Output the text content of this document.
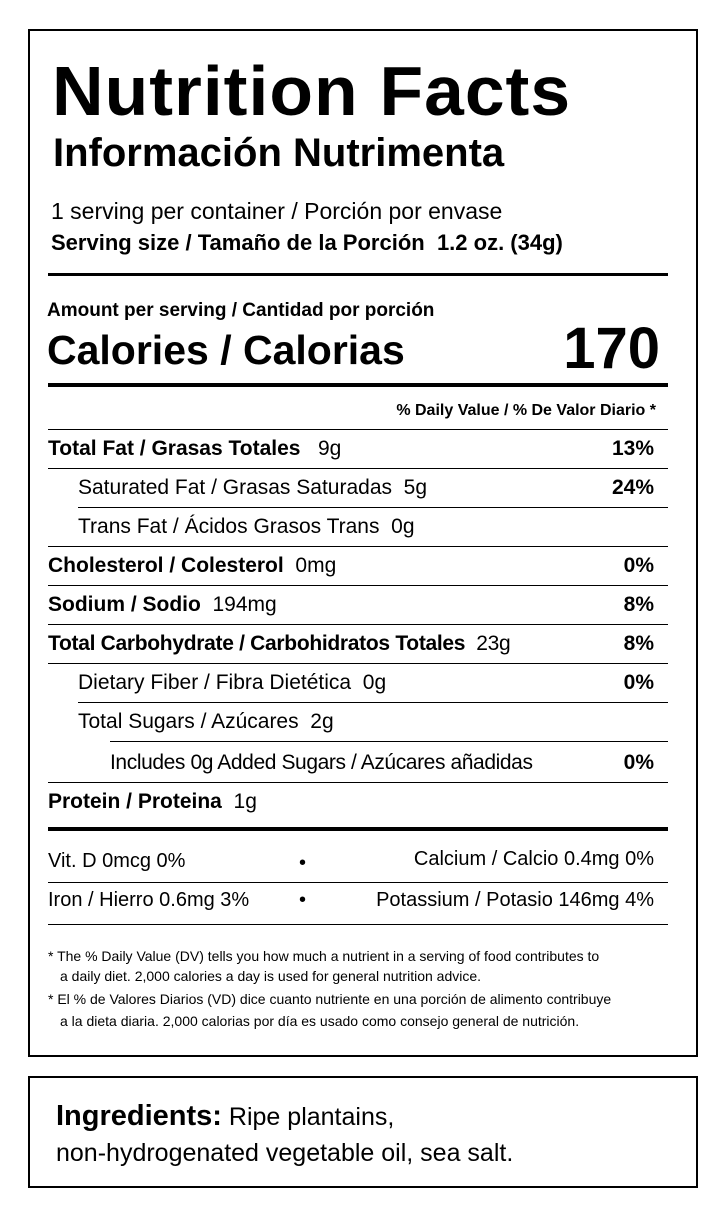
Nutrition Facts
Información Nutrimenta
1 serving per container / Porción por envase
Serving size / Tamaño de la Porción 1.2 oz. (34g)
Amount per serving / Cantidad por porción
Calories / Calorias	170
% Daily Value / % De Valor Diario *
Total Fat / Grasas Totales 9g	13%
Saturated Fat / Grasas Saturadas 5g	24%
Trans Fat / Ácidos Grasos Trans 0g
Cholesterol / Colesterol 0mg	0%
Sodium / Sodio 194mg	8%
Total Carbohydrate / Carbohidratos Totales 23g	8%
Dietary Fiber / Fibra Dietética 0g	0%
Total Sugars / Azúcares 2g
Includes 0g Added Sugars / Azúcares añadidas	0%
Protein / Proteina 1g
Vit. D 0mcg 0%	•	Calcium / Calcio 0.4mg 0%
Iron / Hierro 0.6mg 3% •	Potassium / Potasio 146mg 4%
* The % Daily Value (DV) tells you how much a nutrient in a serving of food contributes to
a daily diet. 2,000 calories a day is used for general nutrition advice.
* El % de Valores Diarios (VD) dice cuanto nutriente en una porción de alimento contribuye
a la dieta diaria. 2,000 calorias por día es usado como consejo general de nutrición.
Ingredients: Ripe plantains,
non-hydrogenated vegetable oil, sea salt.
